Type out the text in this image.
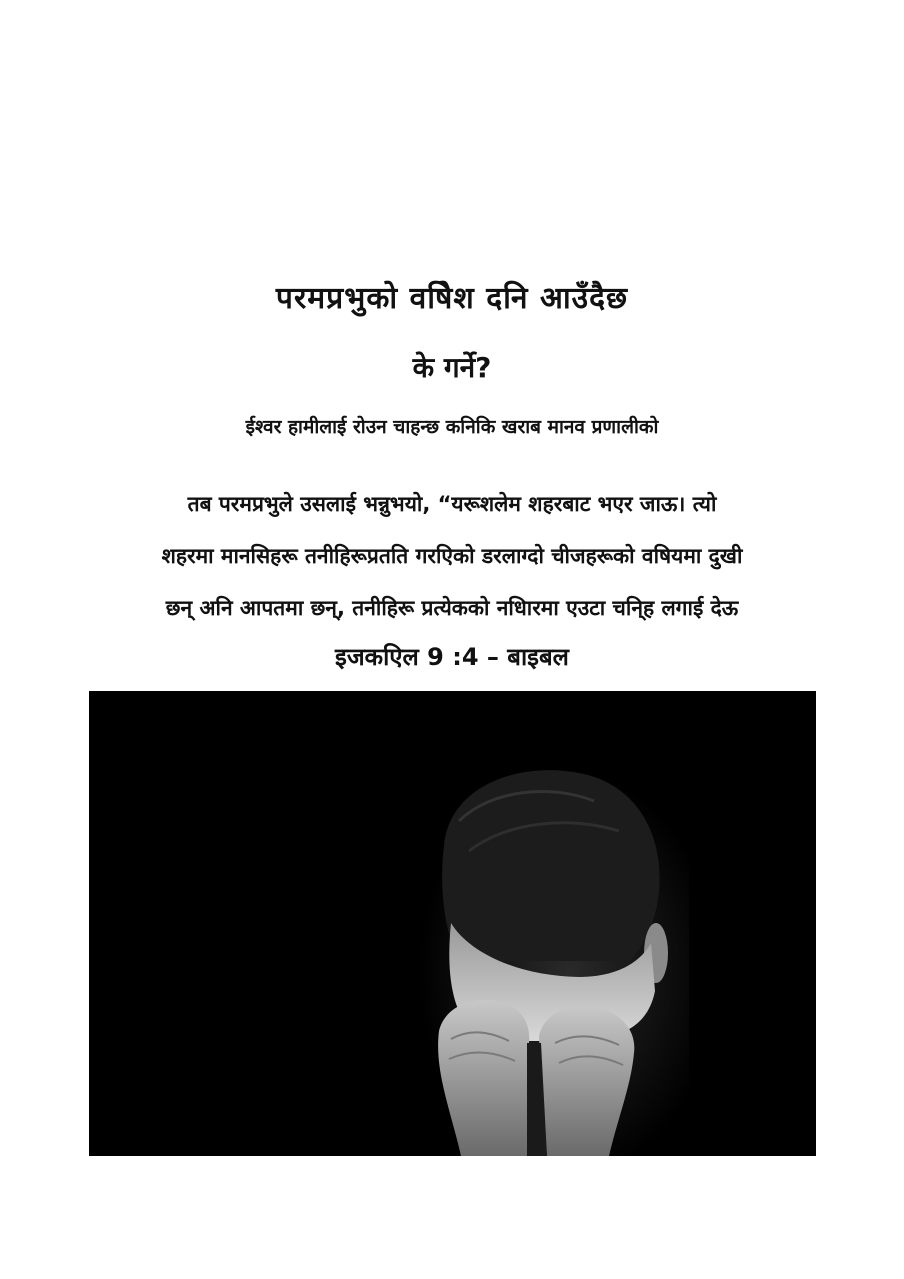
परमप्रभुको वषिेश दनि आउँदैछ
के गर्ने?
ईश्वर हामीलाई रोउन चाहन्छ कनिकि खराब मानव प्रणालीको
तब परमप्रभुले उसलाई भन्नुभयो, “यरूशलेम शहरबाट भएर जाऊ। त्यो
शहरमा मानसिहरू तनीहिरूप्रतति गरएिको डरलाग्दो चीजहरूको वषियमा दुखी
छन् अनि आपतमा छन्, तनीहिरू प्रत्येकको नधिारमा एउटा चनि्ह लगाई देऊ
इजकएिल 9 :4 – बाइबल
